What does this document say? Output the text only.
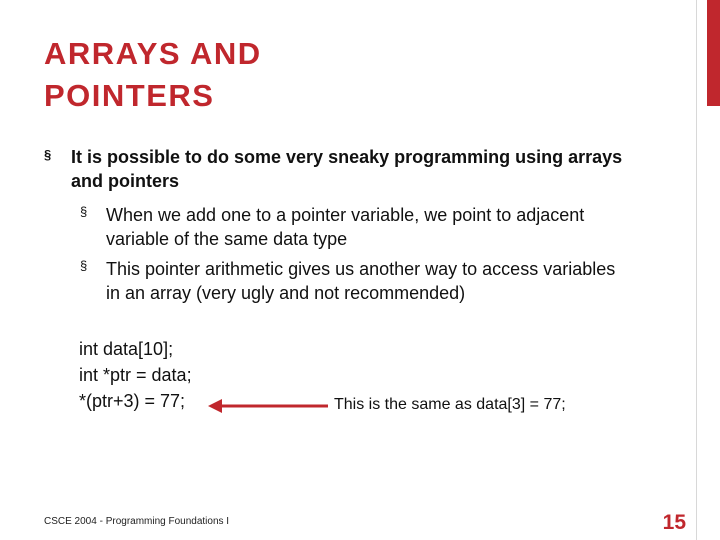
ARRAYS AND
POINTERS
§ It is possible to do some very sneaky programming using arrays and pointers
§ When we add one to a pointer variable, we point to adjacent variable of the same data type
§ This pointer arithmetic gives us another way to access variables in an array (very ugly and not recommended)
int data[10];
int *ptr = data;
*(ptr+3) = 77;	This is the same as data[3] = 77;
CSCE 2004 - Programming Foundations I	15
